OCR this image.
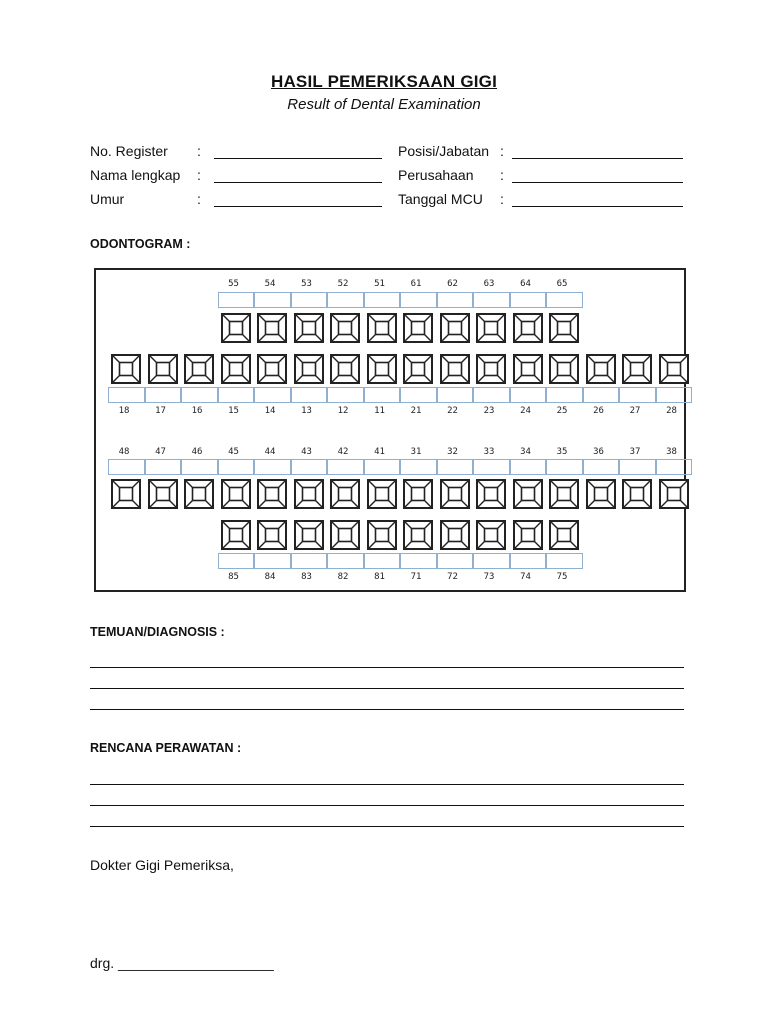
HASIL PEMERIKSAAN GIGI
Result of Dental Examination
No. Register :
Nama lengkap :
Umur	:
Posisi/Jabatan :
Perusahaan :
Tanggal MCU :
ODONTOGRAM :
55	54	53	52	51	61	62	63	64	65
18	17	16	15	14	13	12	11	21	22	23	24	25	26	27	28
48	47	46	45	44	43	42	41	31	32	33	34	35	36	37	38
85	84	83	82	81	71	72	73	74	75
TEMUAN/DIAGNOSIS :
RENCANA PERAWATAN :
Dokter Gigi Pemeriksa,
drg. ____________________
